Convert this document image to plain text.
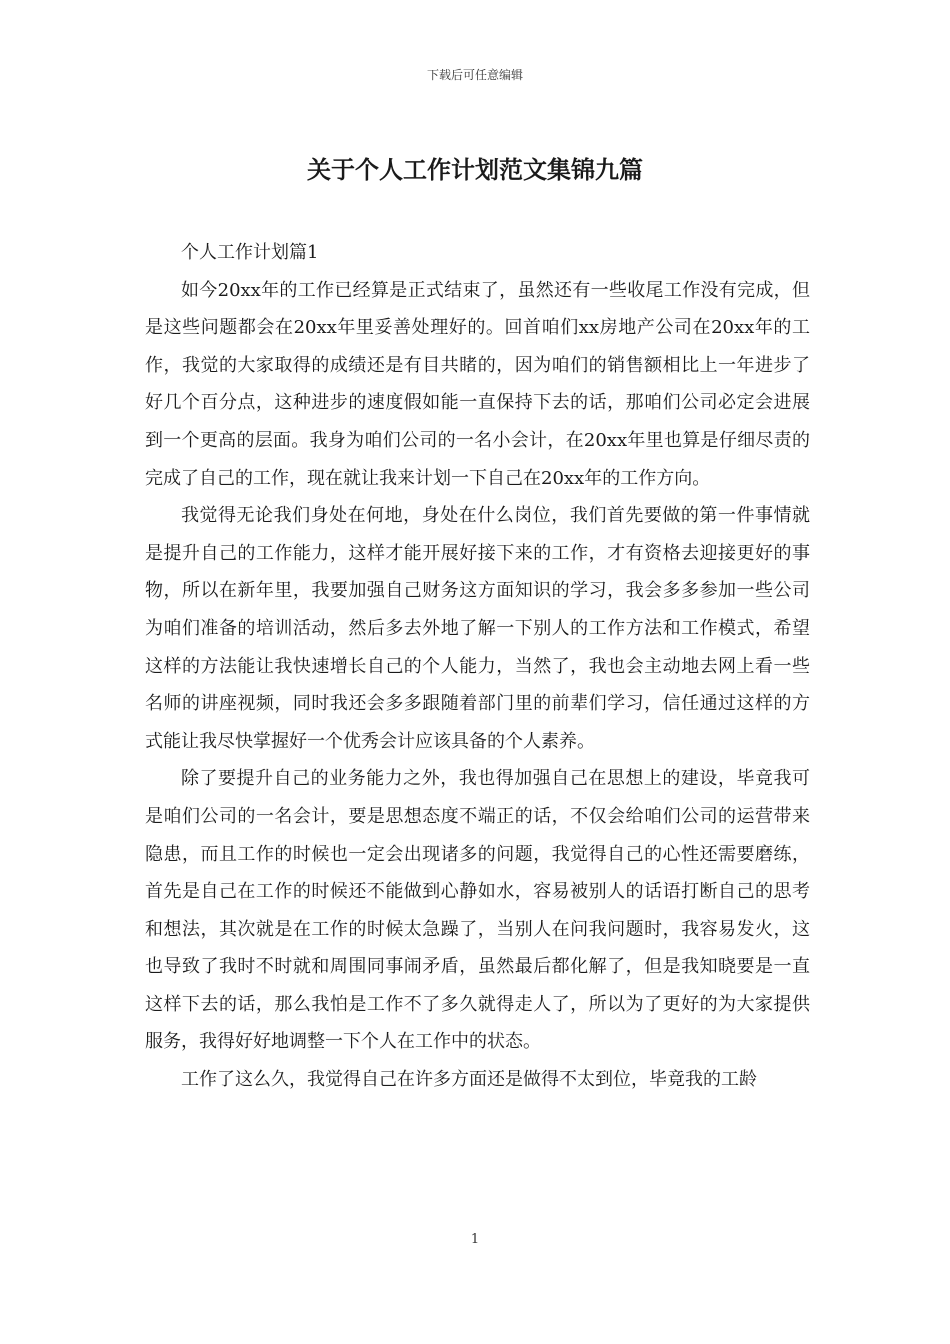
下载后可任意编辑
关于个人工作计划范文集锦九篇

个人工作计划篇1

如今20xx年的工作已经算是正式结束了，虽然还有一些收尾工作没有完成，但是这些问题都会在20xx年里妥善处理好的。回首咱们xx房地产公司在20xx年的工作，我觉的大家取得的成绩还是有目共睹的，因为咱们的销售额相比上一年进步了好几个百分点，这种进步的速度假如能一直保持下去的话，那咱们公司必定会进展到一个更高的层面。我身为咱们公司的一名小会计，在20xx年里也算是仔细尽责的完成了自己的工作，现在就让我来计划一下自己在20xx年的工作方向。

我觉得无论我们身处在何地，身处在什么岗位，我们首先要做的第一件事情就是提升自己的工作能力，这样才能开展好接下来的工作，才有资格去迎接更好的事物，所以在新年里，我要加强自己财务这方面知识的学习，我会多多参加一些公司为咱们准备的培训活动，然后多去外地了解一下别人的工作方法和工作模式，希望这样的方法能让我快速增长自己的个人能力，当然了，我也会主动地去网上看一些名师的讲座视频，同时我还会多多跟随着部门里的前辈们学习，信任通过这样的方式能让我尽快掌握好一个优秀会计应该具备的个人素养。

除了要提升自己的业务能力之外，我也得加强自己在思想上的建设，毕竟我可是咱们公司的一名会计，要是思想态度不端正的话，不仅会给咱们公司的运营带来隐患，而且工作的时候也一定会出现诸多的问题，我觉得自己的心性还需要磨练，首先是自己在工作的时候还不能做到心静如水，容易被别人的话语打断自己的思考和想法，其次就是在工作的时候太急躁了，当别人在问我问题时，我容易发火，这也导致了我时不时就和周围同事闹矛盾，虽然最后都化解了，但是我知晓要是一直这样下去的话，那么我怕是工作不了多久就得走人了，所以为了更好的为大家提供服务，我得好好地调整一下个人在工作中的状态。

工作了这么久，我觉得自己在许多方面还是做得不太到位，毕竟我的工龄

1
